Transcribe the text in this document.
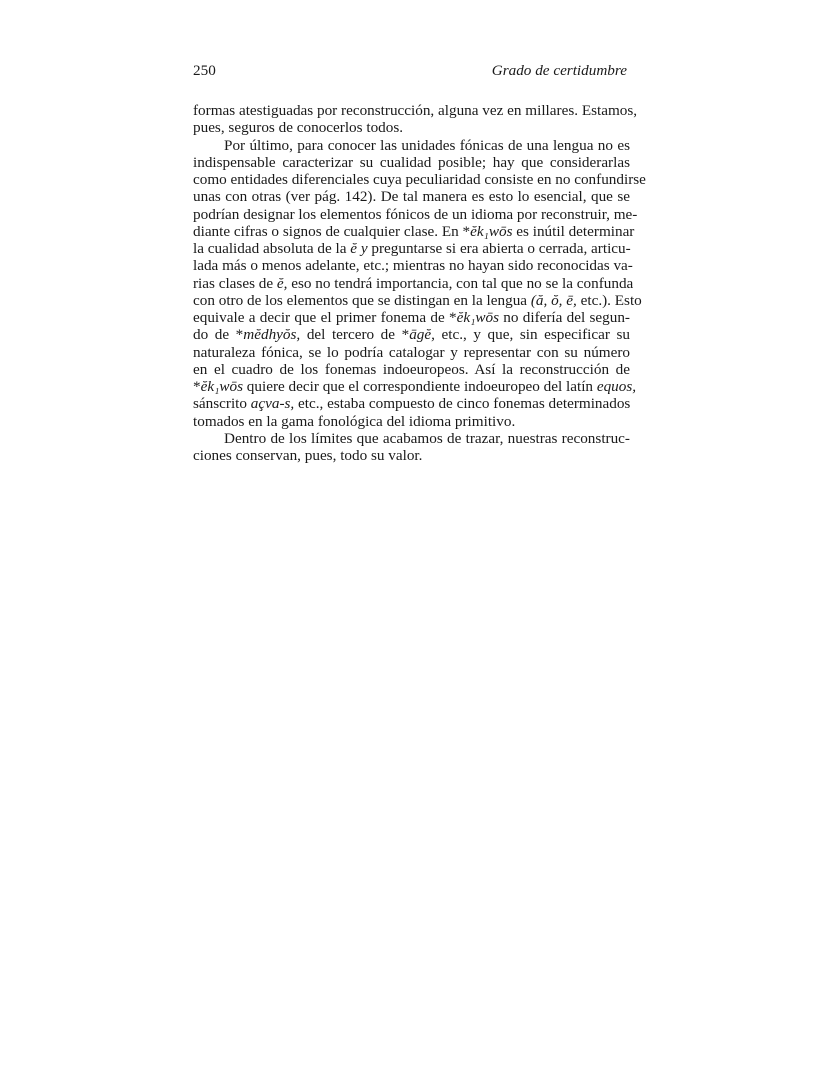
250	Grado de certidumbre
formas atestiguadas por reconstrucción, alguna vez en millares. Estamos,
pues, seguros de conocerlos todos.
Por último, para conocer las unidades fónicas de una lengua no es
indispensable caracterizar su cualidad posible; hay que considerarlas
como entidades diferenciales cuya peculiaridad consiste en no confundirse
unas con otras (ver pág. 142). De tal manera es esto lo esencial, que se
podrían designar los elementos fónicos de un idioma por reconstruir, me-
diante cifras o signos de cualquier clase. En *ĕk₁wōs es inútil determinar
la cualidad absoluta de la ĕ y preguntarse si era abierta o cerrada, articu-
lada más o menos adelante, etc.; mientras no hayan sido reconocidas va-
rias clases de ĕ, eso no tendrá importancia, con tal que no se la confunda
con otro de los elementos que se distingan en la lengua (ă, ŏ, ē, etc.). Esto
equivale a decir que el primer fonema de *ĕk₁wōs no difería del segun-
do de *mĕdhyŏs, del tercero de *āgĕ, etc., y que, sin especificar su
naturaleza fónica, se lo podría catalogar y representar con su número
en el cuadro de los fonemas indoeuropeos. Así la reconstrucción de
*ĕk₁wōs quiere decir que el correspondiente indoeuropeo del latín equos,
sánscrito açva-s, etc., estaba compuesto de cinco fonemas determinados
tomados en la gama fonológica del idioma primitivo.
Dentro de los límites que acabamos de trazar, nuestras reconstruc-
ciones conservan, pues, todo su valor.
